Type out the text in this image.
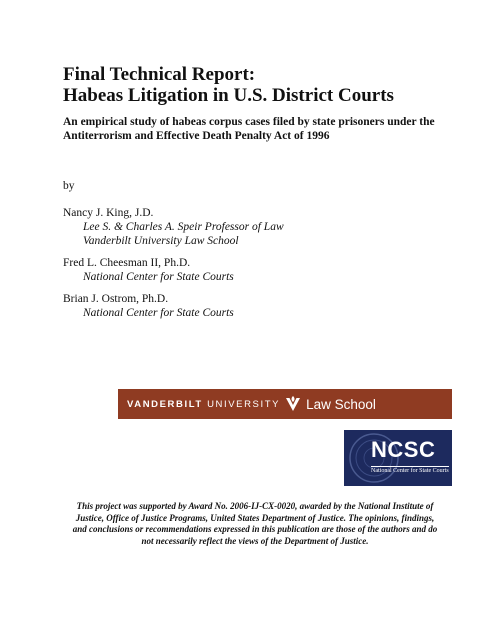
Final Technical Report:
Habeas Litigation in U.S. District Courts

An empirical study of habeas corpus cases filed by state prisoners under the Antiterrorism and Effective Death Penalty Act of 1996

by
Nancy J. King, J.D.
Lee S. & Charles A. Speir Professor of Law
Vanderbilt University Law School
Fred L. Cheesman II, Ph.D.
National Center for State Courts
Brian J. Ostrom, Ph.D.
National Center for State Courts
VANDERBILT UNIVERSITY Law School
NCSC
National Center for State Courts

This project was supported by Award No. 2006-IJ-CX-0020, awarded by the National Institute of Justice, Office of Justice Programs, United States Department of Justice. The opinions, findings, and conclusions or recommendations expressed in this publication are those of the authors and do not necessarily reflect the views of the Department of Justice.
